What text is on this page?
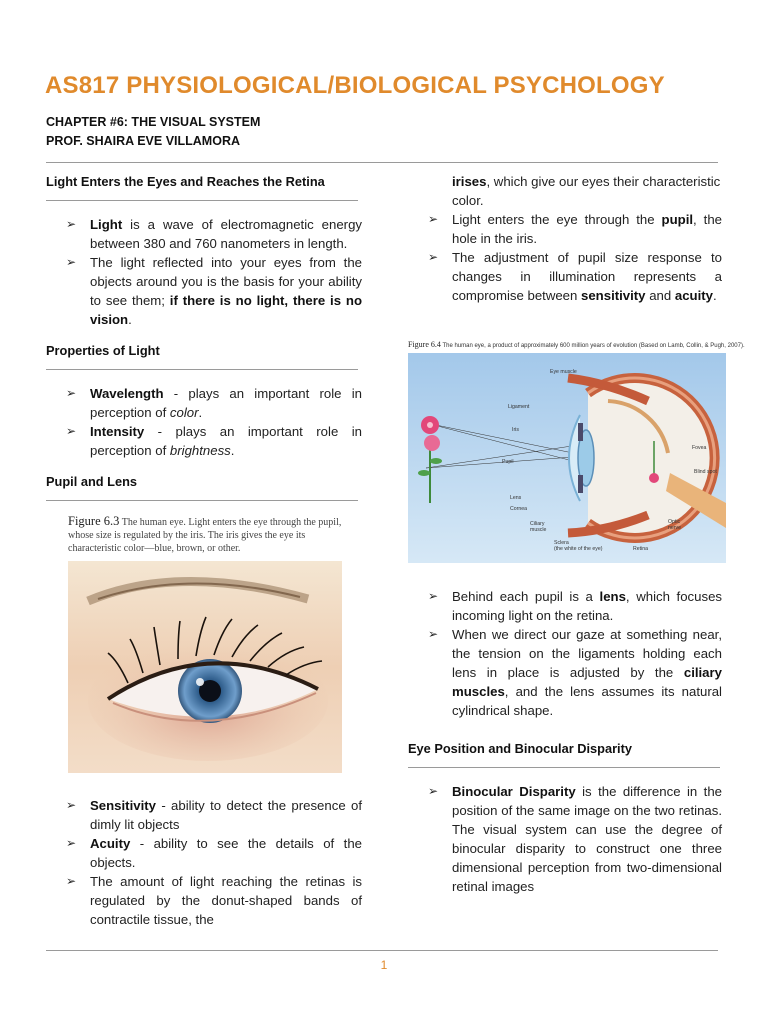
AS817 PHYSIOLOGICAL/BIOLOGICAL PSYCHOLOGY
CHAPTER #6: THE VISUAL SYSTEM
PROF. SHAIRA EVE VILLAMORA
Light Enters the Eyes and Reaches the Retina
➢ Light is a wave of electromagnetic energy between 380 and 760 nanometers in length.
➢ The light reflected into your eyes from the objects around you is the basis for your ability to see them; if there is no light, there is no vision.
Properties of Light
➢ Wavelength - plays an important role in perception of color.
➢ Intensity - plays an important role in perception of brightness.
Pupil and Lens
Figure 6.3 The human eye. Light enters the eye through the pupil, whose size is regulated by the iris. The iris gives the eye its characteristic color—blue, brown, or other.
➢ Sensitivity - ability to detect the presence of dimly lit objects
➢ Acuity - ability to see the details of the objects.
➢ The amount of light reaching the retinas is regulated by the donut-shaped bands of contractile tissue, the
irises, which give our eyes their characteristic color.
➢ Light enters the eye through the pupil, the hole in the iris.
➢ The adjustment of pupil size response to changes in illumination represents a compromise between sensitivity and acuity.
Figure 6.4 The human eye, a product of approximately 600 million years of evolution (Based on Lamb, Collin, & Pugh, 2007).
Eye muscle
Ligament
Iris
Pupil
Lens
Cornea
Ciliary
muscle
Sclera
(the white of the eye)	Retina
Fovea
Blind spot
Optic
nerve
➢ Behind each pupil is a lens, which focuses incoming light on the retina.
➢ When we direct our gaze at something near, the tension on the ligaments holding each lens in place is adjusted by the ciliary muscles, and the lens assumes its natural cylindrical shape.
Eye Position and Binocular Disparity
➢ Binocular Disparity is the difference in the position of the same image on the two retinas. The visual system can use the degree of binocular disparity to construct one three dimensional perception from two-dimensional retinal images
1
